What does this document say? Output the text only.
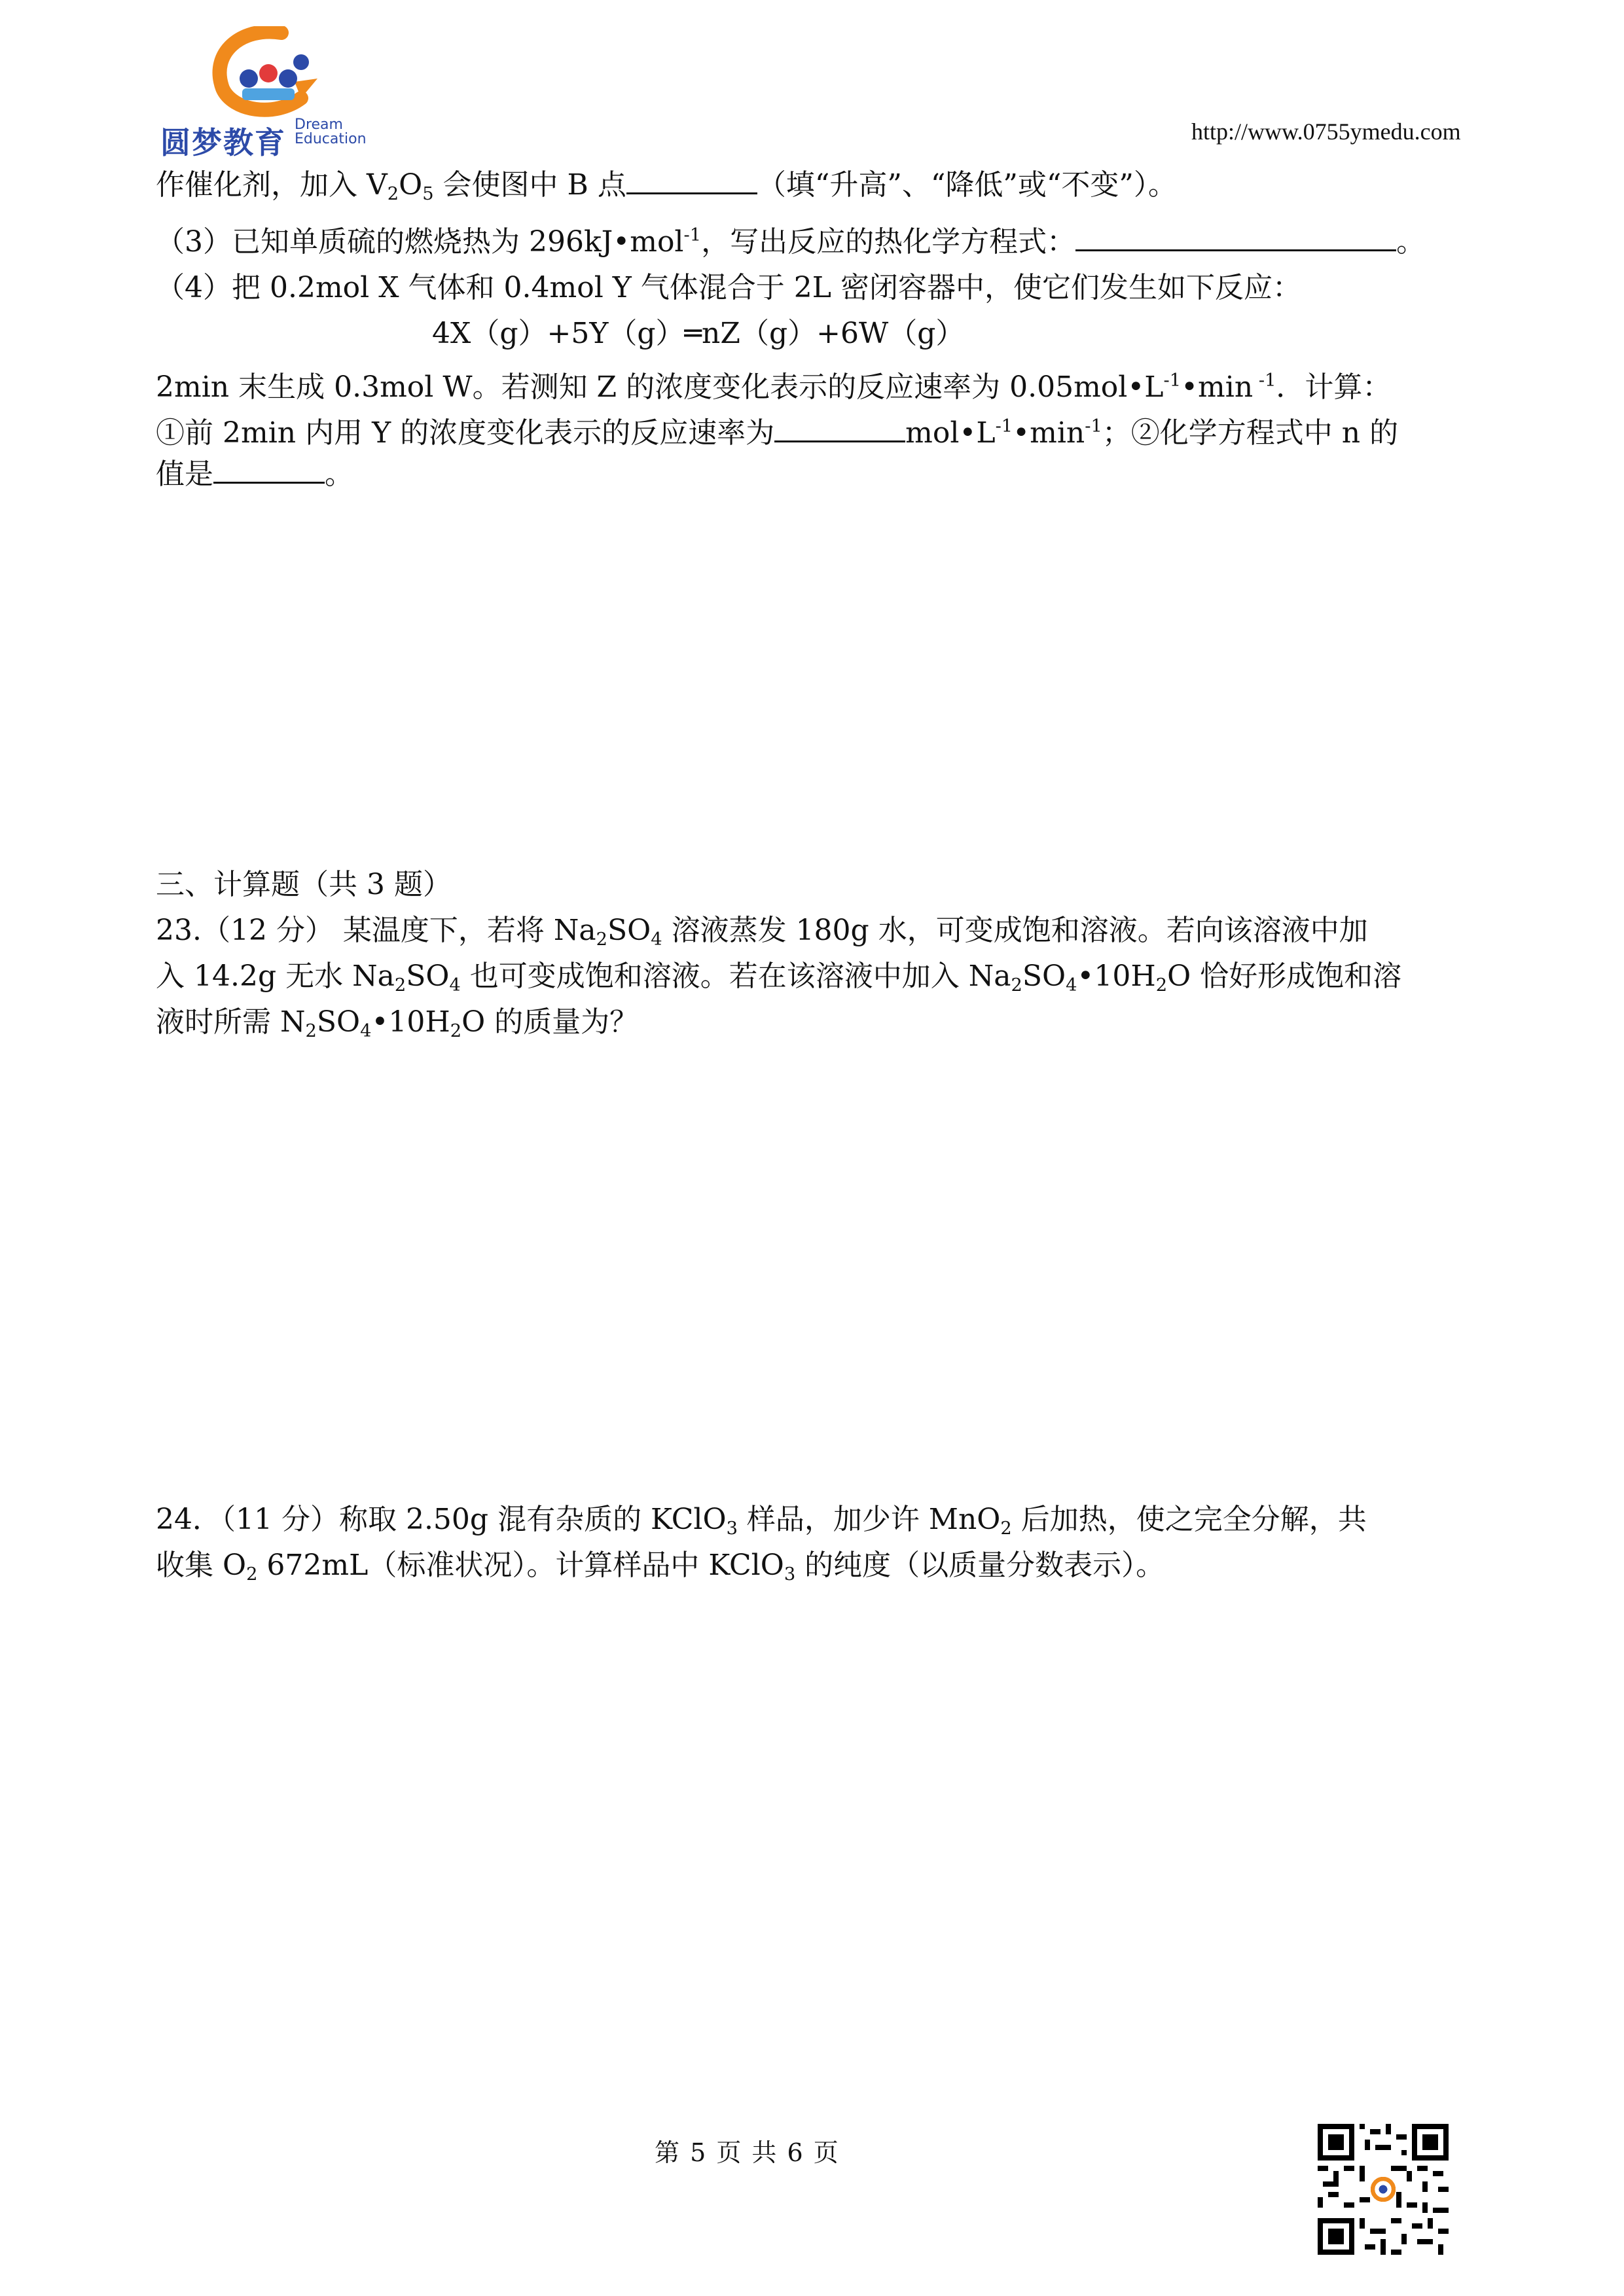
圆梦教育
Dream
Education	http://www.0755ymedu.com
作催化剂，加入 $V_2O_5$ 会使图中 B 点	（填“升高”、“降低”或“不变”）。
（3）已知单质硫的燃烧热为 296kJ•mol$^{-1}$，写出反应的热化学方程式：	。
（4）把 0.2mol X 气体和 0.4mol Y 气体混合于 2L 密闭容器中，使它们发生如下反应：
4X（g）+5Y（g）═nZ（g）+6W（g）
2min 末生成 0.3mol W。若测知 Z 的浓度变化表示的反应速率为 $0.05mol•L^{-1}•\min$ $^{-1}$．计算：
①前 2min 内用 Y 的浓度变化表示的反应速率为	$mol•L^{-1}•\min^{-1}$；②化学方程式中 n 的
值是	。
三、计算题（共 3 题）
23.（12 分） 某温度下，若将 $Na_2SO_4$ 溶液蒸发 180g 水，可变成饱和溶液。若向该溶液中加
入 14.2g 无水 $Na_2SO_4$ 也可变成饱和溶液。若在该溶液中加入 $Na_2SO_4•10H_2O$ 恰好形成饱和溶
液时所需 $N_2SO_4•10H_2O$ 的质量为？
24．（11 分）称取 2.50g 混有杂质的 KClO$_3$ 样品，加少许 MnO$_2$ 后加热，使之完全分解，共
收集 $O_2$ 672mL（标准状况）。计算样品中 KClO$_3$ 的纯度（以质量分数表示）。
第 5 页 共 6 页
